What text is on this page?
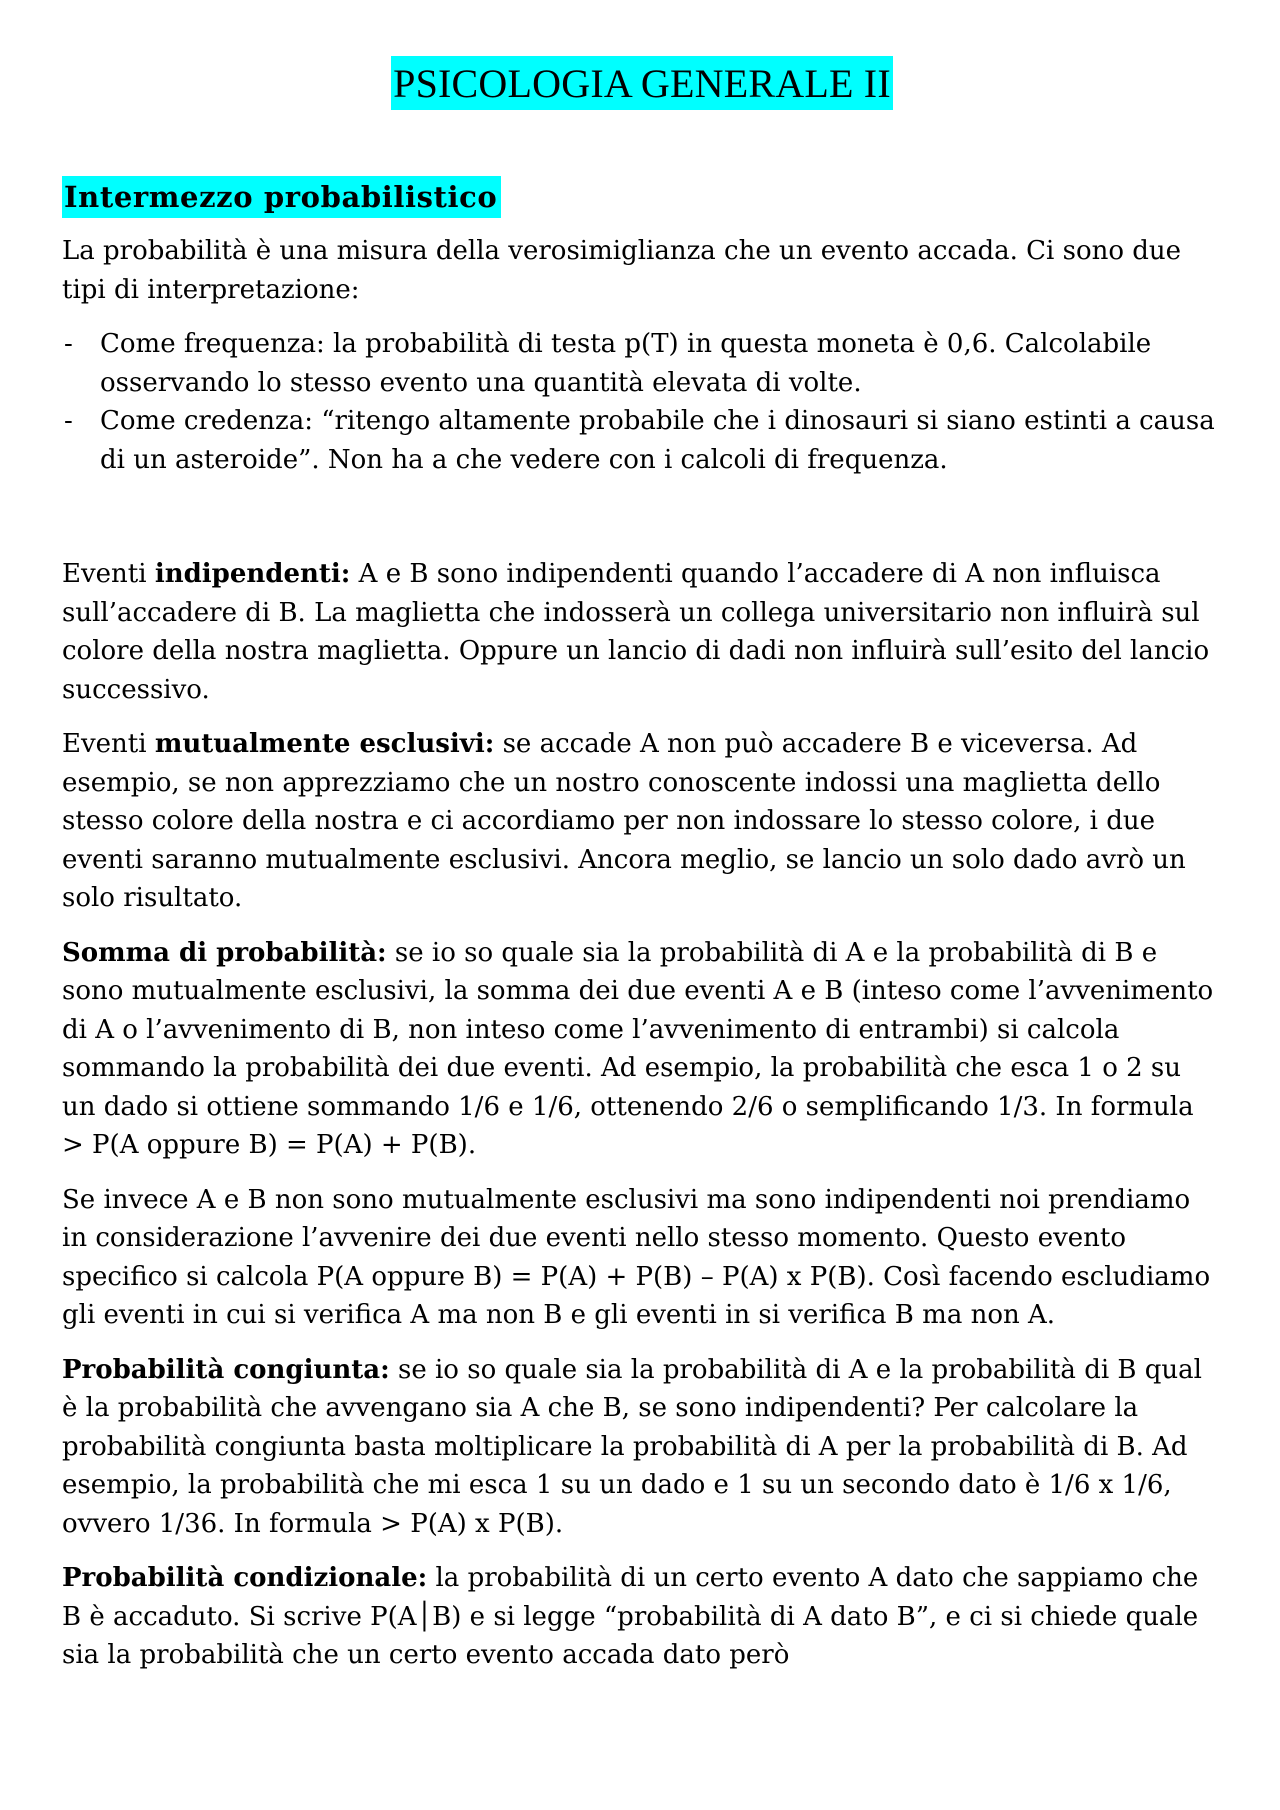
PSICOLOGIA GENERALE II
Intermezzo probabilistico

La probabilità è una misura della verosimiglianza che un evento accada. Ci sono due tipi di interpretazione:

- Come frequenza: la probabilità di testa p(T) in questa moneta è 0,6. Calcolabile osservando lo stesso evento una quantità elevata di volte.
- Come credenza: “ritengo altamente probabile che i dinosauri si siano estinti a causa di un asteroide”. Non ha a che vedere con i calcoli di frequenza.

Eventi indipendenti: A e B sono indipendenti quando l’accadere di A non influisca sull’accadere di B. La maglietta che indosserà un collega universitario non influirà sul colore della nostra maglietta. Oppure un lancio di dadi non influirà sull’esito del lancio successivo.

Eventi mutualmente esclusivi: se accade A non può accadere B e viceversa. Ad esempio, se non apprezziamo che un nostro conoscente indossi una maglietta dello stesso colore della nostra e ci accordiamo per non indossare lo stesso colore, i due eventi saranno mutualmente esclusivi. Ancora meglio, se lancio un solo dado avrò un solo risultato.

Somma di probabilità: se io so quale sia la probabilità di A e la probabilità di B e sono mutualmente esclusivi, la somma dei due eventi A e B (inteso come l’avvenimento di A o l’avvenimento di B, non inteso come l’avvenimento di entrambi) si calcola sommando la probabilità dei due eventi. Ad esempio, la probabilità che esca 1 o 2 su un dado si ottiene sommando 1/6 e 1/6, ottenendo 2/6 o semplificando 1/3. In formula > P(A oppure B) = P(A) + P(B).

Se invece A e B non sono mutualmente esclusivi ma sono indipendenti noi prendiamo in considerazione l’avvenire dei due eventi nello stesso momento. Questo evento specifico si calcola P(A oppure B) = P(A) + P(B) – P(A) x P(B). Così facendo escludiamo gli eventi in cui si verifica A ma non B e gli eventi in si verifica B ma non A.

Probabilità congiunta: se io so quale sia la probabilità di A e la probabilità di B qual è la probabilità che avvengano sia A che B, se sono indipendenti? Per calcolare la probabilità congiunta basta moltiplicare la probabilità di A per la probabilità di B. Ad esempio, la probabilità che mi esca 1 su un dado e 1 su un secondo dato è 1/6 x 1/6, ovvero 1/36. In formula > P(A) x P(B).

Probabilità condizionale: la probabilità di un certo evento A dato che sappiamo che B è accaduto. Si scrive P(A│B) e si legge “probabilità di A dato B”, e ci si chiede quale sia la probabilità che un certo evento accada dato però
